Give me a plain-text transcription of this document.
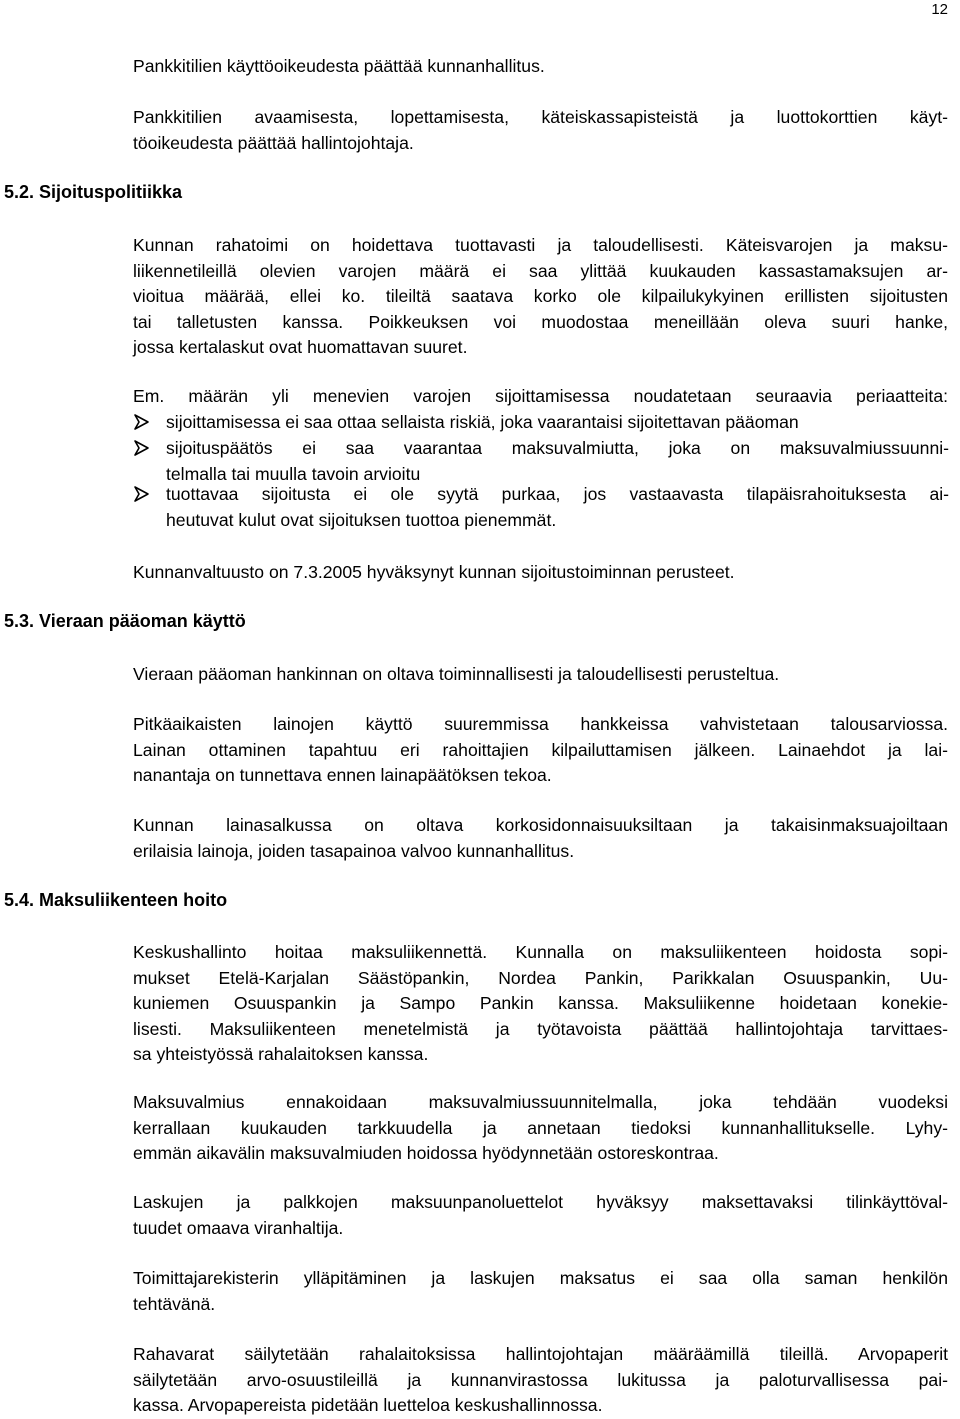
12
Pankkitilien käyttöoikeudesta päättää kunnanhallitus.
Pankkitilien avaamisesta, lopettamisesta, käteiskassapisteistä ja luottokorttien käyt-
töoikeudesta päättää hallintojohtaja.
5.2. Sijoituspolitiikka
Kunnan rahatoimi on hoidettava tuottavasti ja taloudellisesti. Käteisvarojen ja maksu-
liikennetileillä olevien varojen määrä ei saa ylittää kuukauden kassastamaksujen ar-
vioitua määrää, ellei ko. tileiltä saatava korko ole kilpailukykyinen erillisten sijoitusten
tai talletusten kanssa. Poikkeuksen voi muodostaa meneillään oleva suuri hanke,
jossa kertalaskut ovat huomattavan suuret.
Em. määrän yli menevien varojen sijoittamisessa noudatetaan seuraavia periaatteita:
sijoittamisessa ei saa ottaa sellaista riskiä, joka vaarantaisi sijoitettavan pääoman
sijoituspäätös ei saa vaarantaa maksuvalmiutta, joka on maksuvalmiussuunni-
telmalla tai muulla tavoin arvioitu
tuottavaa sijoitusta ei ole syytä purkaa, jos vastaavasta tilapäisrahoituksesta ai-
heutuvat kulut ovat sijoituksen tuottoa pienemmät.
Kunnanvaltuusto on 7.3.2005 hyväksynyt kunnan sijoitustoiminnan perusteet.
5.3. Vieraan pääoman käyttö
Vieraan pääoman hankinnan on oltava toiminnallisesti ja taloudellisesti perusteltua.
Pitkäaikaisten lainojen käyttö suuremmissa hankkeissa vahvistetaan talousarviossa.
Lainan ottaminen tapahtuu eri rahoittajien kilpailuttamisen jälkeen. Lainaehdot ja lai-
nanantaja on tunnettava ennen lainapäätöksen tekoa.
Kunnan lainasalkussa on oltava korkosidonnaisuuksiltaan ja takaisinmaksuajoiltaan
erilaisia lainoja, joiden tasapainoa valvoo kunnanhallitus.
5.4. Maksuliikenteen hoito
Keskushallinto hoitaa maksuliikennettä. Kunnalla on maksuliikenteen hoidosta sopi-
mukset Etelä-Karjalan Säästöpankin, Nordea Pankin, Parikkalan Osuuspankin, Uu-
kuniemen Osuuspankin ja Sampo Pankin kanssa. Maksuliikenne hoidetaan konekie-
lisesti. Maksuliikenteen menetelmistä ja työtavoista päättää hallintojohtaja tarvittaes-
sa yhteistyössä rahalaitoksen kanssa.
Maksuvalmius ennakoidaan maksuvalmiussuunnitelmalla, joka tehdään vuodeksi
kerrallaan kuukauden tarkkuudella ja annetaan tiedoksi kunnanhallitukselle. Lyhy-
emmän aikavälin maksuvalmiuden hoidossa hyödynnetään ostoreskontraa.
Laskujen ja palkkojen maksuunpanoluettelot hyväksyy maksettavaksi tilinkäyttöval-
tuudet omaava viranhaltija.
Toimittajarekisterin ylläpitäminen ja laskujen maksatus ei saa olla saman henkilön
tehtävänä.
Rahavarat säilytetään rahalaitoksissa hallintojohtajan määräämillä tileillä. Arvopaperit
säilytetään arvo-osuustileillä ja kunnanvirastossa lukitussa ja paloturvallisessa pai-
kassa. Arvopapereista pidetään luetteloa keskushallinnossa.
